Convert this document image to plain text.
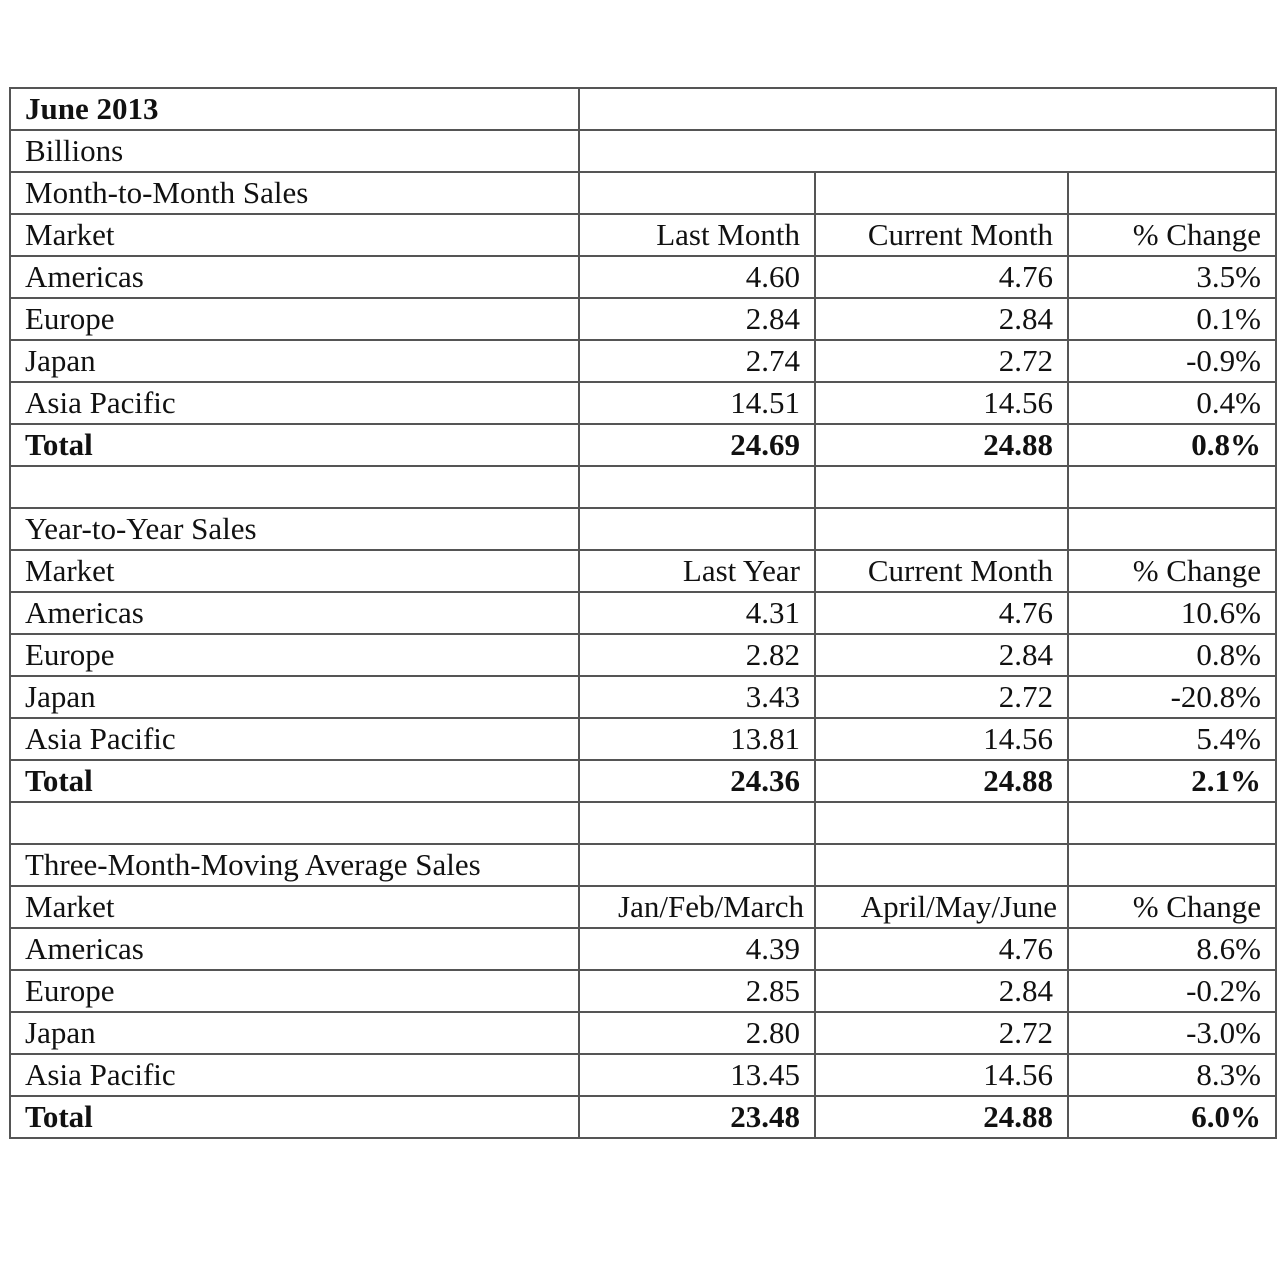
June 2013			
Billions			
Month-to-Month Sales			
Market	Last Month	Current Month	% Change
Americas	4.60	4.76	3.5%
Europe	2.84	2.84	0.1%
Japan	2.74	2.72	-0.9%
Asia Pacific	14.51	14.56	0.4%
Total	24.69	24.88	0.8%

Year-to-Year Sales			
Market	Last Year	Current Month	% Change
Americas	4.31	4.76	10.6%
Europe	2.82	2.84	0.8%
Japan	3.43	2.72	-20.8%
Asia Pacific	13.81	14.56	5.4%
Total	24.36	24.88	2.1%

Three-Month-Moving Average Sales			
Market	Jan/Feb/March	April/May/June	% Change
Americas	4.39	4.76	8.6%
Europe	2.85	2.84	-0.2%
Japan	2.80	2.72	-3.0%
Asia Pacific	13.45	14.56	8.3%
Total	23.48	24.88	6.0%
